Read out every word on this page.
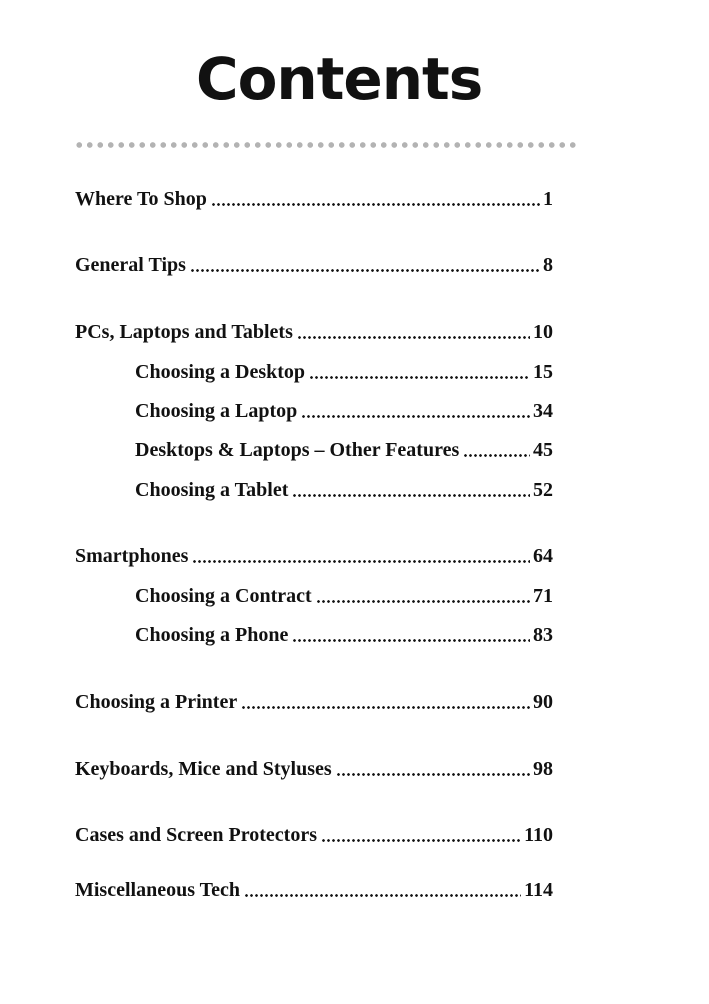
Contents
Where To Shop	1
General Tips	8
PCs, Laptops and Tablets	10
Choosing a Desktop	15
Choosing a Laptop	34
Desktops & Laptops – Other Features	45
Choosing a Tablet	52
Smartphones	64
Choosing a Contract	71
Choosing a Phone	83
Choosing a Printer	90
Keyboards, Mice and Styluses	98
Cases and Screen Protectors	110
Miscellaneous Tech	114
